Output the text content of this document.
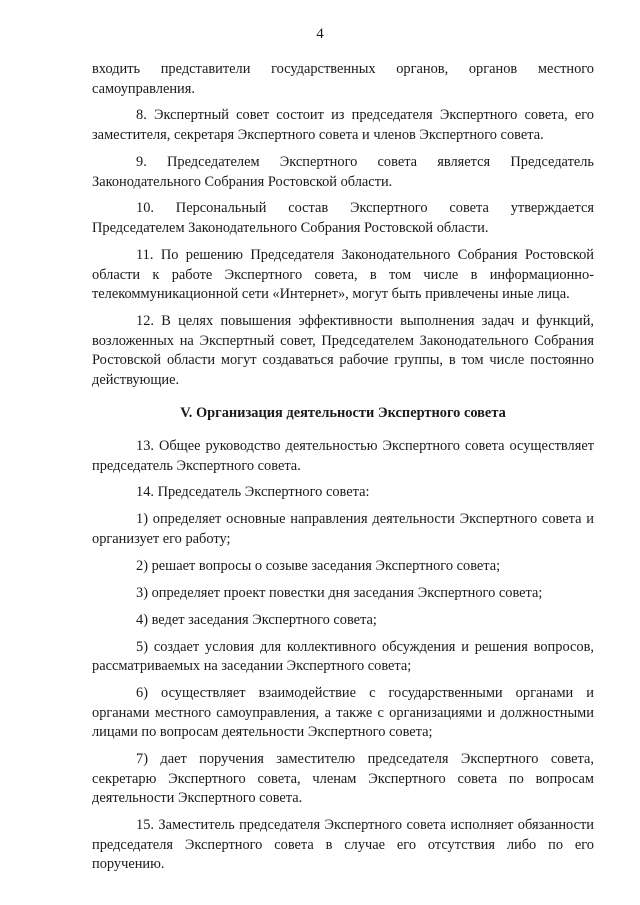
4

входить представители государственных органов, органов местного самоуправления.

8. Экспертный совет состоит из председателя Экспертного совета, его заместителя, секретаря Экспертного совета и членов Экспертного совета.

9. Председателем Экспертного совета является Председатель Законодательного Собрания Ростовской области.

10. Персональный состав Экспертного совета утверждается Председателем Законодательного Собрания Ростовской области.

11. По решению Председателя Законодательного Собрания Ростовской области к работе Экспертного совета, в том числе в информационно-телекоммуникационной сети «Интернет», могут быть привлечены иные лица.

12. В целях повышения эффективности выполнения задач и функций, возложенных на Экспертный совет, Председателем Законодательного Собрания Ростовской области могут создаваться рабочие группы, в том числе постоянно действующие.

V. Организация деятельности Экспертного совета

13. Общее руководство деятельностью Экспертного совета осуществляет председатель Экспертного совета.

14. Председатель Экспертного совета:

1) определяет основные направления деятельности Экспертного совета и организует его работу;

2) решает вопросы о созыве заседания Экспертного совета;

3) определяет проект повестки дня заседания Экспертного совета;

4) ведет заседания Экспертного совета;

5) создает условия для коллективного обсуждения и решения вопросов, рассматриваемых на заседании Экспертного совета;

6) осуществляет взаимодействие с государственными органами и органами местного самоуправления, а также с организациями и должностными лицами по вопросам деятельности Экспертного совета;

7) дает поручения заместителю председателя Экспертного совета, секретарю Экспертного совета, членам Экспертного совета по вопросам деятельности Экспертного совета.

15. Заместитель председателя Экспертного совета исполняет обязанности председателя Экспертного совета в случае его отсутствия либо по его поручению.
